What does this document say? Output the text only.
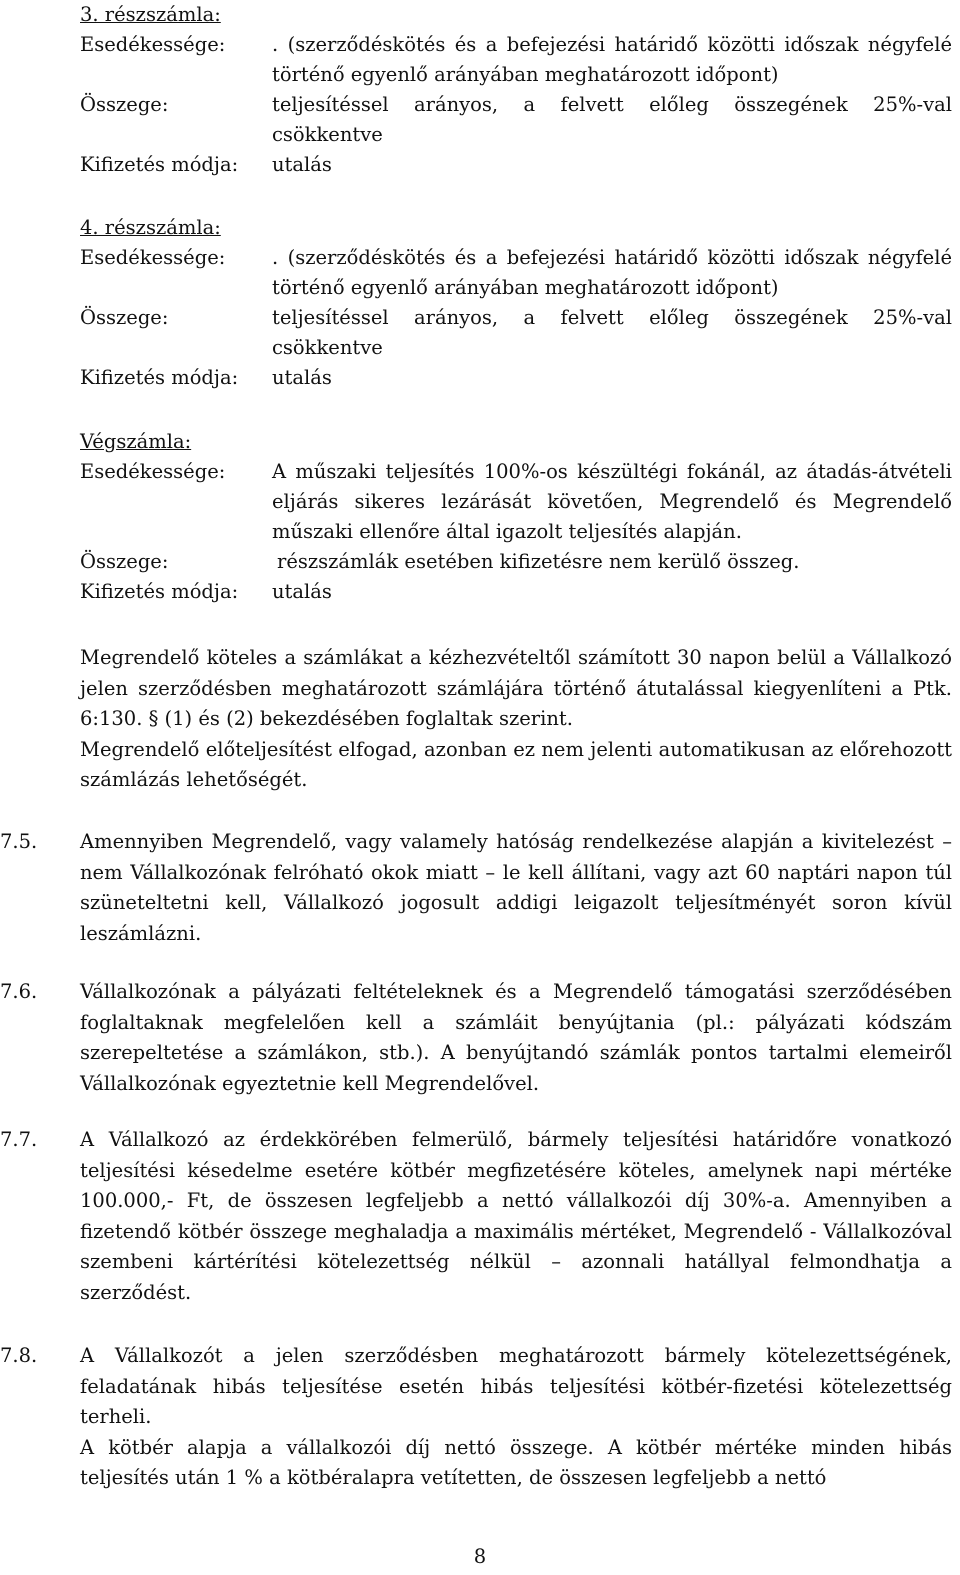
3. részszámla:
Esedékessége:	. (szerződéskötés és a befejezési határidő közötti időszak négyfelé történő egyenlő arányában meghatározott időpont)
Összege:	teljesítéssel arányos, a felvett előleg összegének 25%-val csökkentve
Kifizetés módja:	utalás
4. részszámla:
Esedékessége:	. (szerződéskötés és a befejezési határidő közötti időszak négyfelé történő egyenlő arányában meghatározott időpont)
Összege:	teljesítéssel arányos, a felvett előleg összegének 25%-val csökkentve
Kifizetés módja:	utalás
Végszámla:
Esedékessége:	A műszaki teljesítés 100%-os készültégi fokánál, az átadás-átvételi eljárás sikeres lezárását követően, Megrendelő és Megrendelő műszaki ellenőre által igazolt teljesítés alapján.
Összege:	részszámlák esetében kifizetésre nem kerülő összeg.
Kifizetés módja:	utalás
Megrendelő köteles a számlákat a kézhezvételtől számított 30 napon belül a Vállalkozó jelen szerződésben meghatározott számlájára történő átutalással kiegyenlíteni a Ptk. 6:130. § (1) és (2) bekezdésében foglaltak szerint.
Megrendelő előteljesítést elfogad, azonban ez nem jelenti automatikusan az előrehozott számlázás lehetőségét.
7.5.	Amennyiben Megrendelő, vagy valamely hatóság rendelkezése alapján a kivitelezést – nem Vállalkozónak felróható okok miatt – le kell állítani, vagy azt 60 naptári napon túl szüneteltetni kell, Vállalkozó jogosult addigi leigazolt teljesítményét soron kívül leszámlázni.
7.6.	Vállalkozónak a pályázati feltételeknek és a Megrendelő támogatási szerződésében foglaltaknak megfelelően kell a számláit benyújtania (pl.: pályázati kódszám szerepeltetése a számlákon, stb.). A benyújtandó számlák pontos tartalmi elemeiről Vállalkozónak egyeztetnie kell Megrendelővel.
7.7.	A Vállalkozó az érdekkörében felmerülő, bármely teljesítési határidőre vonatkozó teljesítési késedelme esetére kötbér megfizetésére köteles, amelynek napi mértéke 100.000,- Ft, de összesen legfeljebb a nettó vállalkozói díj 30%-a. Amennyiben a fizetendő kötbér összege meghaladja a maximális mértéket, Megrendelő - Vállalkozóval szembeni kártérítési kötelezettség nélkül – azonnali hatállyal felmondhatja a szerződést.
7.8.	A Vállalkozót a jelen szerződésben meghatározott bármely kötelezettségének, feladatának hibás teljesítése esetén hibás teljesítési kötbér-fizetési kötelezettség terheli.
A kötbér alapja a vállalkozói díj nettó összege. A kötbér mértéke minden hibás teljesítés után 1 % a kötbéralapra vetítetten, de összesen legfeljebb a nettó
8
